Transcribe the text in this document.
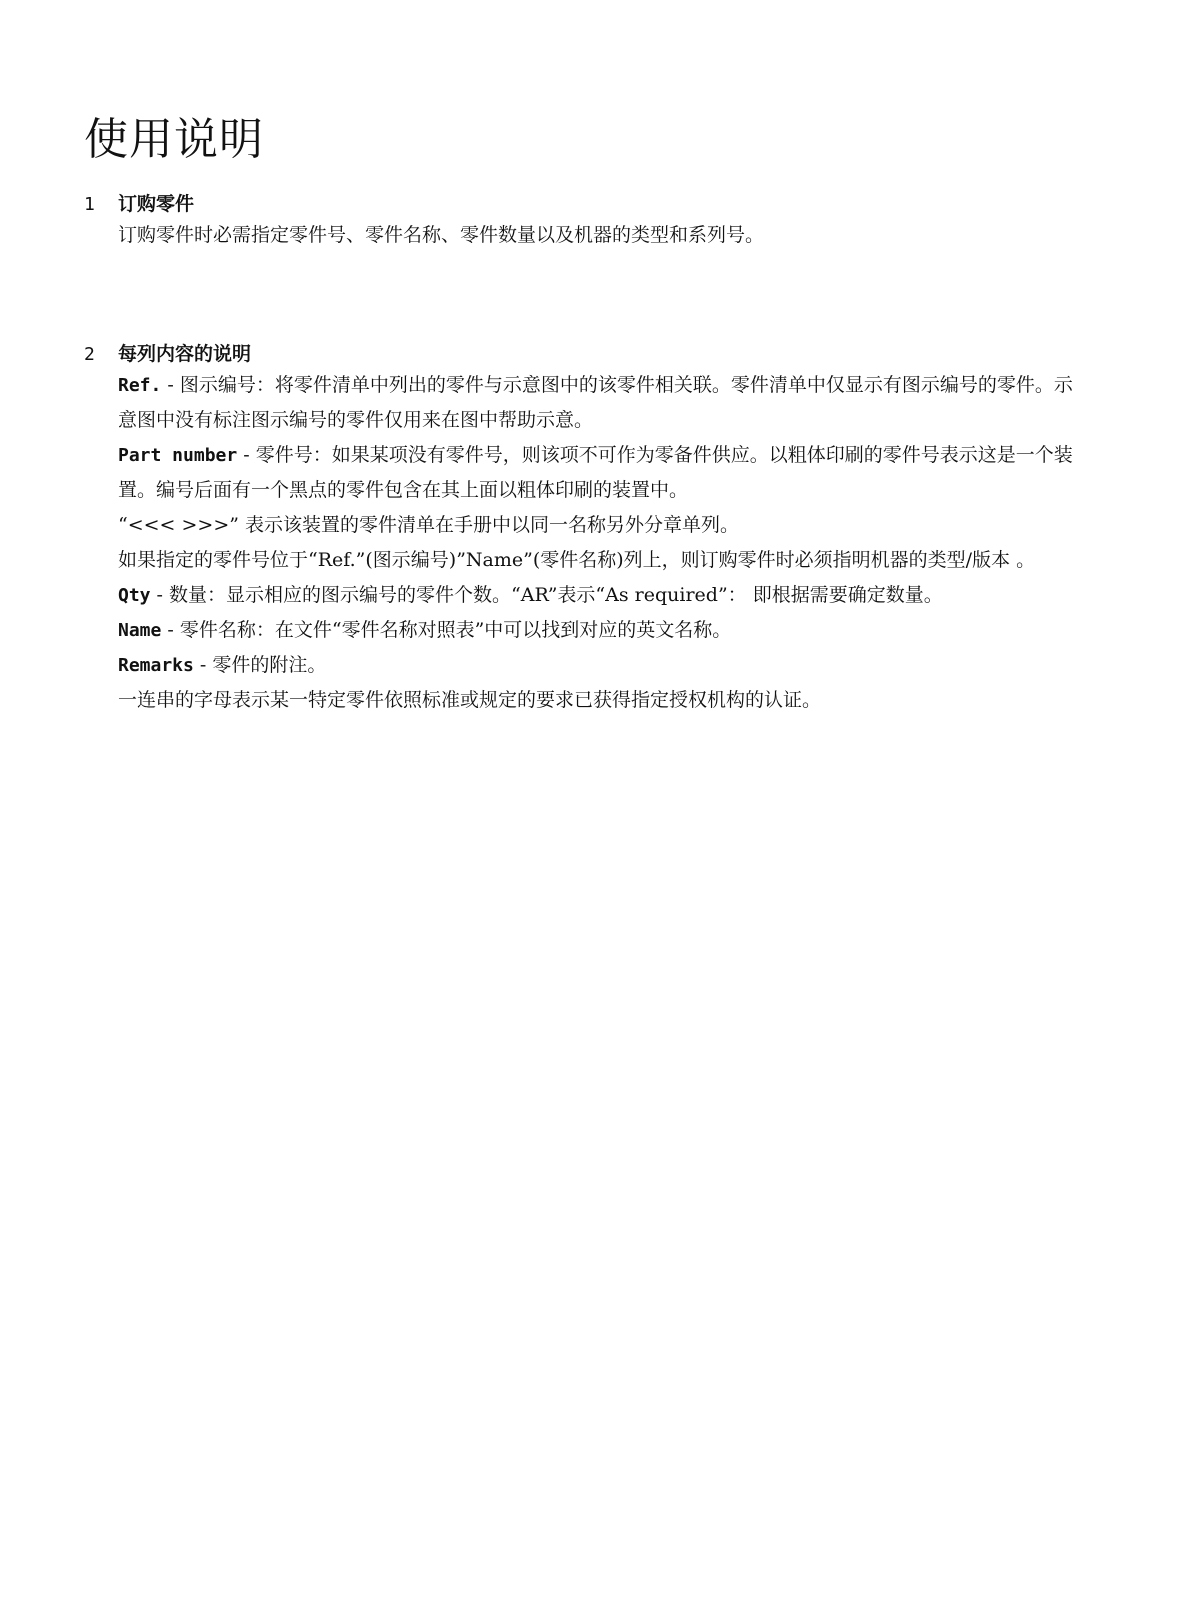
使用说明
1 订购零件

订购零件时必需指定零件号、零件名称、零件数量以及机器的类型和系列号。

2 每列内容的说明

Ref. - 图示编号：将零件清单中列出的零件与示意图中的该零件相关联。零件清单中仅显示有图示编号的零件。示意图中没有标注图示编号的零件仅用来在图中帮助示意。

Part number - 零件号：如果某项没有零件号，则该项不可作为零备件供应。以粗体印刷的零件号表示这是一个装置。编号后面有一个黑点的零件包含在其上面以粗体印刷的装置中。

“<<< >>>” 表示该装置的零件清单在手册中以同一名称另外分章单列。

如果指定的零件号位于“Ref.”(图示编号)”Name”(零件名称)列上，则订购零件时必须指明机器的类型/版本 。

Qty - 数量：显示相应的图示编号的零件个数。“AR”表示“As required”： 即根据需要确定数量。

Name - 零件名称：在文件“零件名称对照表”中可以找到对应的英文名称。

Remarks - 零件的附注。

一连串的字母表示某一特定零件依照标准或规定的要求已获得指定授权机构的认证。
